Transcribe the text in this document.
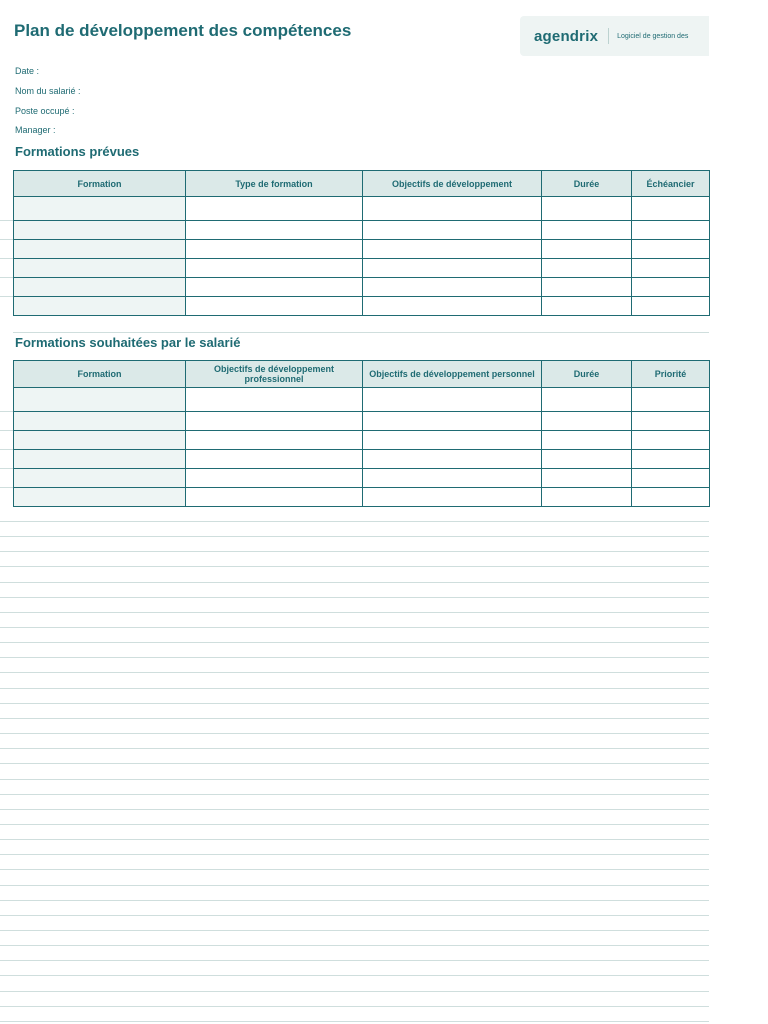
Plan de développement des compétences	agendrix	Logiciel de gestion des
Date :
Nom du salarié :
Poste occupé :
Manager :
Formations prévues
Formation	Type de formation	Objectifs de développement	Durée	Échéancier

Formations souhaitées par le salarié
Formation	Objectifs de développement professionnel	Objectifs de développement personnel	Durée	Priorité
